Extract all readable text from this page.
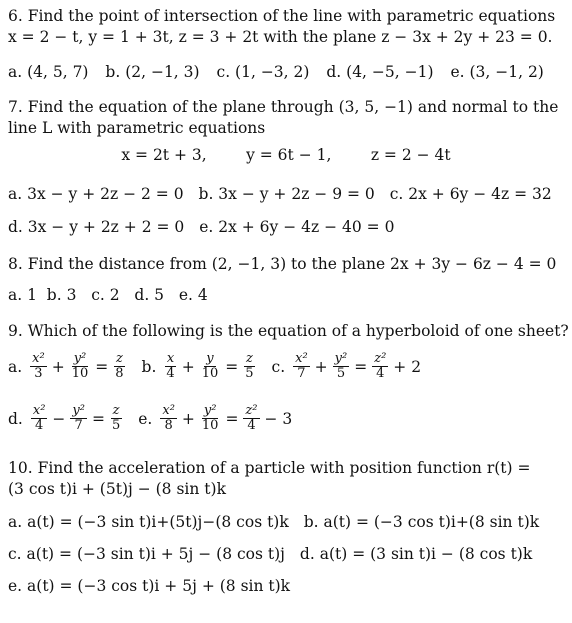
6. Find the point of intersection of the line with parametric equations
x = 2 − t, y = 1 + 3t, z = 3 + 2t with the plane z − 3x + 2y + 23 = 0.
a. (4, 5, 7) b. (2, −1, 3) c. (1, −3, 2) d. (4, −5, −1) e. (3, −1, 2)
7. Find the equation of the plane through (3, 5, −1) and normal to the
line L with parametric equations
x = 2t + 3,        y = 6t − 1,        z = 2 − 4t
a. 3x − y + 2z − 2 = 0 b. 3x − y + 2z − 9 = 0 c. 2x + 6y − 4z = 32
d. 3x − y + 2z + 2 = 0 e. 2x + 6y − 4z − 40 = 0
8. Find the distance from (2, −1, 3) to the plane 2x + 3y − 6z − 4 = 0
a. 1  b. 3   c. 2   d. 5   e. 4
9. Which of the following is the equation of a hyperboloid of one sheet?
a. $\frac{\text{x²}}{3} + \frac{\text{y²}}{10} = \frac{z}{8} b$. $\frac{x}{4} + \frac{y}{10} = \frac{z}{5} c$. $\frac{\text{x²}}{7} + \frac{\text{y²}}{5} = \frac{\text{z²}}{4} + 2$
d. $\frac{\text{x²}}{4} - \frac{\text{y²}}{7} = \frac{z}{5} e$. $\frac{\text{x²}}{8} + \frac{\text{y²}}{10} = \frac{\text{z²}}{4} - 3$
10. Find the acceleration of a particle with position function r(t) =
(3 cos t)i + (5t)j − (8 sin t)k
a. a(t) = (−3 sin t)i+(5t)j−(8 cos t)k b. a(t) = (−3 cos t)i+(8 sin t)k
c. a(t) = (−3 sin t)i + 5j − (8 cos t)j d. a(t) = (3 sin t)i − (8 cos t)k
e. a(t) = (−3 cos t)i + 5j + (8 sin t)k
